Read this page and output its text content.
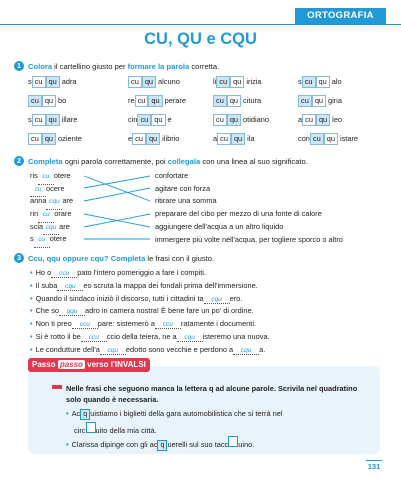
ORTOGRAFIA
CU, QU e CQU
1 Colora il cartellino giusto per formare la parola corretta.
s cu qu adra	cu qu alcuno	li cu qu irizia	s cu qu alo
cu qu bo	re cu qu perare	cu qu citura	cu qu gina
s cu qu illare	cin cu qu e	cu qu otidiano	a cu qu leo
cu qu oziente	e cu qu ilibrio	a cu qu ila	con cu qu istare
2 Completa ogni parola correttamente, poi collegala con una linea al suo significato.
ris cu otere
cu ocere
anna cqu are
rin cu orare
scia cqu are
s cu otere
confortare
agitare con forza
ritirare una somma
preparare del cibo per mezzo di una fonte di calore
aggiungere dell'acqua a un altro liquido
immergere più volte nell'acqua, per togliere sporco o altro
3 Ccu, qqu oppure cqu? Completa le frasi con il giusto.
• Ho o ccu pato l'intero pomeriggio a fare i compiti.
• Il suba cqu eo scruta la mappa dei fondali prima dell'immersione.
• Quando il sindaco iniziò il discorso, tutti i cittadini ta cqu ero.
• Che so qqu adro in camera nostra! È bene fare un po' di ordine.
• Non ti preo ccu pare: sistemerò a ccu ratamente i documenti.
• Si è rotto il be ccu ccio della teiera, ne a cqu isteremo una nuova.
• Le condutture dell'a cqu edotto sono vecchie e perdono a cqu a.
Passo passo verso l'INVALSI
Nelle frasi che seguono manca la lettera q ad alcune parole. Scrivila nel quadratino solo quando è necessaria.
• Ac q uistiamo i biglietti della gara automobilistica che si terrà nel
circ uito della mia città.
• Clarissa dipinge con gli ac q uerelli sul suo tacc uino.
131
